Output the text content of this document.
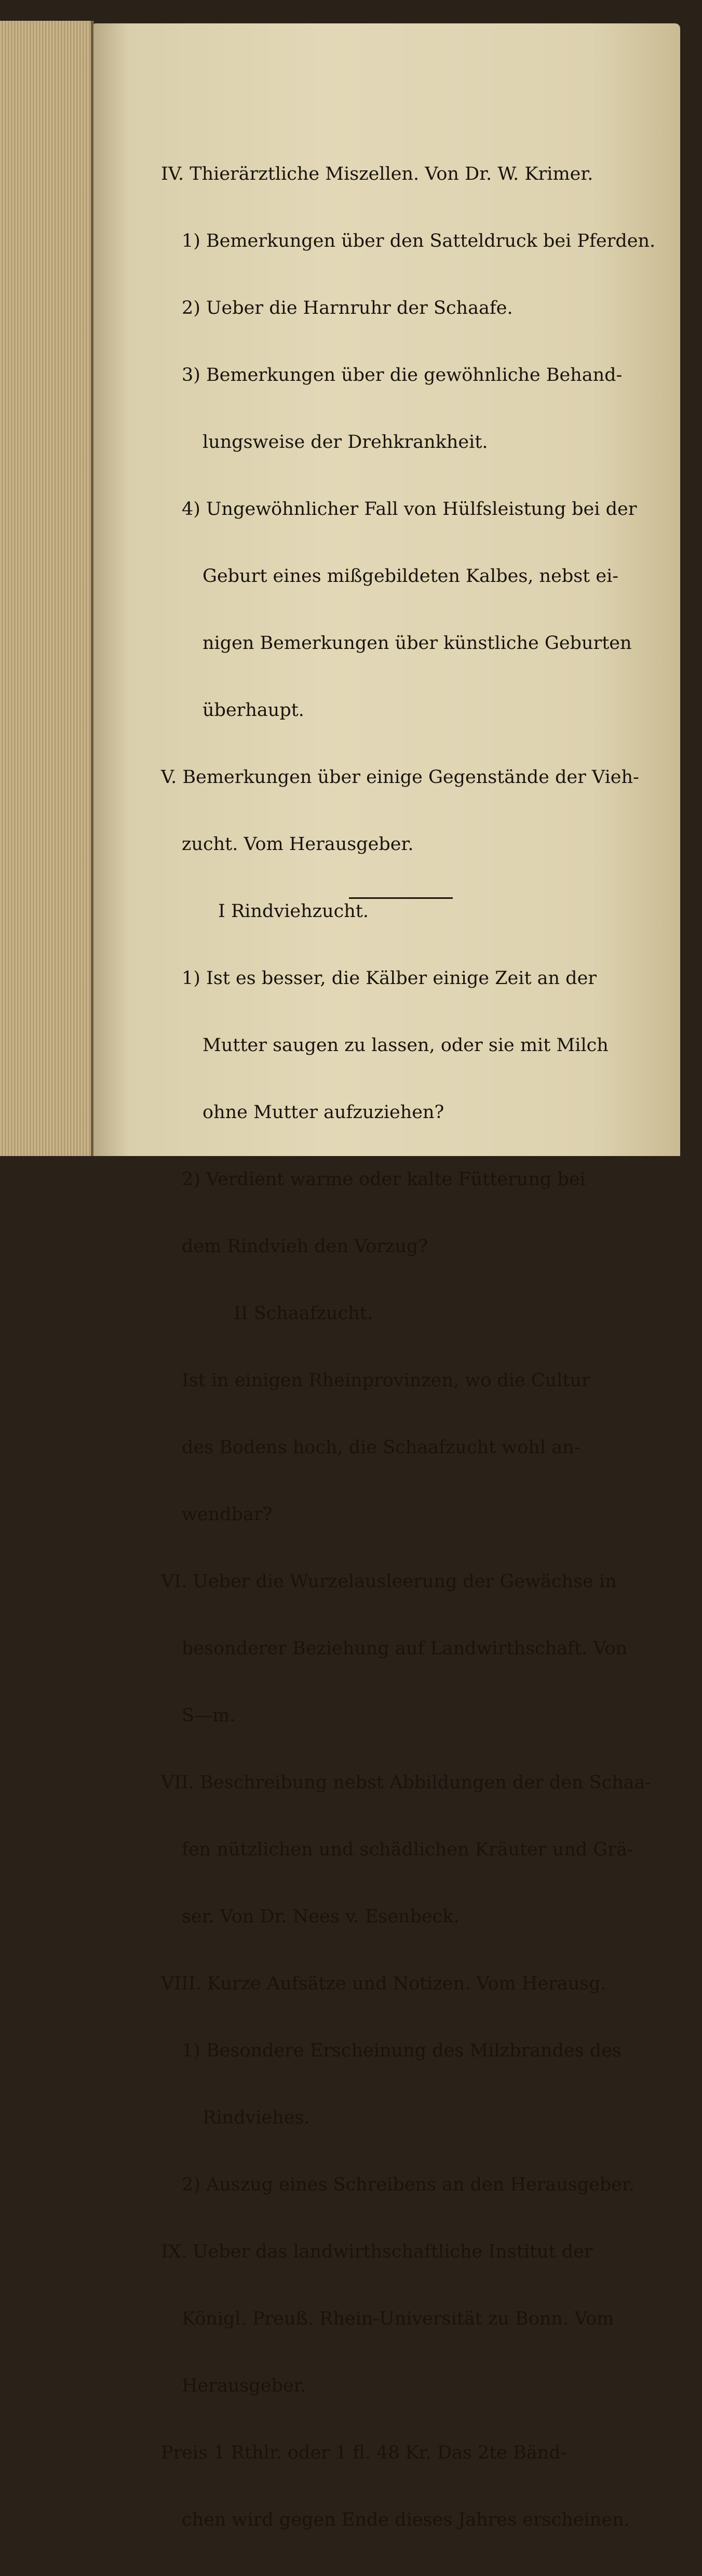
IV. Thierärztliche Miszellen. Von Dr. W. Krimer.

1) Bemerkungen über den Satteldruck bei Pferden.

2) Ueber die Harnruhr der Schaafe.

3) Bemerkungen über die gewöhnliche Behand-

lungsweise der Drehkrankheit.

4) Ungewöhnlicher Fall von Hülfsleistung bei der

Geburt eines mißgebildeten Kalbes, nebst ei-

nigen Bemerkungen über künstliche Geburten

überhaupt.

V. Bemerkungen über einige Gegenstände der Vieh-

zucht. Vom Herausgeber.

I Rindviehzucht.

1) Ist es besser, die Kälber einige Zeit an der

Mutter saugen zu lassen, oder sie mit Milch

ohne Mutter aufzuziehen?

2) Verdient warme oder kalte Fütterung bei

dem Rindvieh den Vorzug?

II Schaafzucht.

Ist in einigen Rheinprovinzen, wo die Cultur

des Bodens hoch, die Schaafzucht wohl an-

wendbar?

VI. Ueber die Wurzelausleerung der Gewächse in

besonderer Beziehung auf Landwirthschaft. Von

S—m.

VII. Beschreibung nebst Abbildungen der den Schaa-

fen nützlichen und schädlichen Kräuter und Grä-

ser. Von Dr. Nees v. Esenbeck.

VIII. Kurze Aufsätze und Notizen. Vom Herausg.

1) Besondere Erscheinung des Milzbrandes des

Rindviehes.

2) Auszug eines Schreibens an den Herausgeber.

IX. Ueber das landwirthschaftliche Institut der

Königl. Preuß. Rhein-Universität zu Bonn. Vom

Herausgeber.

Preis 1 Rthlr. oder 1 fl. 48 Kr. Das 2te Bänd-

chen wird gegen Ende dieses Jahres erscheinen.
